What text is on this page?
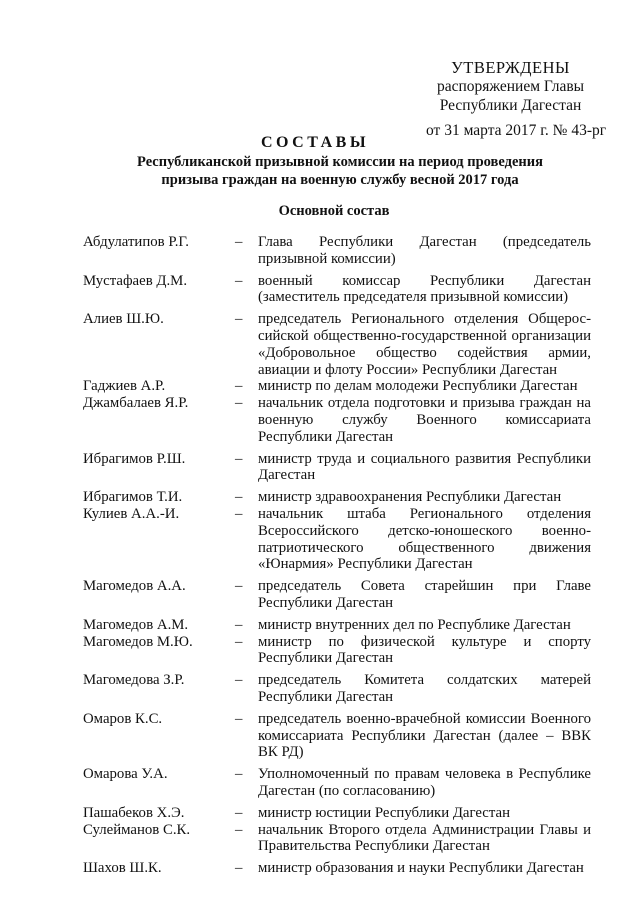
УТВЕРЖДЕНЫ
распоряжением Главы
Республики Дагестан
от 31 марта 2017 г. № 43-рг
СОСТАВЫ
Республиканской призывной комиссии на период проведения
призыва граждан на военную службу весной 2017 года
Основной состав
Абдулатипов Р.Г.	– Глава Республики Дагестан (председатель призывной комиссии)
Мустафаев Д.М.	– военный комиссар Республики Дагестан (заместитель председателя призывной комиссии)
Алиев Ш.Ю.	– председатель Регионального отделения Общероссийской общественно-государственной организации «Добровольное общество содействия армии, авиации и флоту России» Республики Дагестан
Гаджиев А.Р.	– министр по делам молодежи Республики Дагестан
Джамбалаев Я.Р.	– начальник отдела подготовки и призыва граждан на военную службу Военного комиссариата Республики Дагестан
Ибрагимов Р.Ш.	– министр труда и социального развития Республики Дагестан
Ибрагимов Т.И.	– министр здравоохранения Республики Дагестан
Кулиев А.А.-И.	– начальник штаба Регионального отделения Всероссийского детско-юношеского военно-патриотического общественного движения «Юнармия» Республики Дагестан
Магомедов А.А.	– председатель Совета старейшин при Главе Республики Дагестан
Магомедов А.М.	– министр внутренних дел по Республике Дагестан
Магомедов М.Ю.	– министр по физической культуре и спорту Республики Дагестан
Магомедова З.Р.	– председатель Комитета солдатских матерей Республики Дагестан
Омаров К.С.	– председатель военно-врачебной комиссии Военного комиссариата Республики Дагестан (далее – ВВК ВК РД)
Омарова У.А.	– Уполномоченный по правам человека в Республике Дагестан (по согласованию)
Пашабеков Х.Э.	– министр юстиции Республики Дагестан
Сулейманов С.К.	– начальник Второго отдела Администрации Главы и Правительства Республики Дагестан
Шахов Ш.К.	– министр образования и науки Республики Дагестан
